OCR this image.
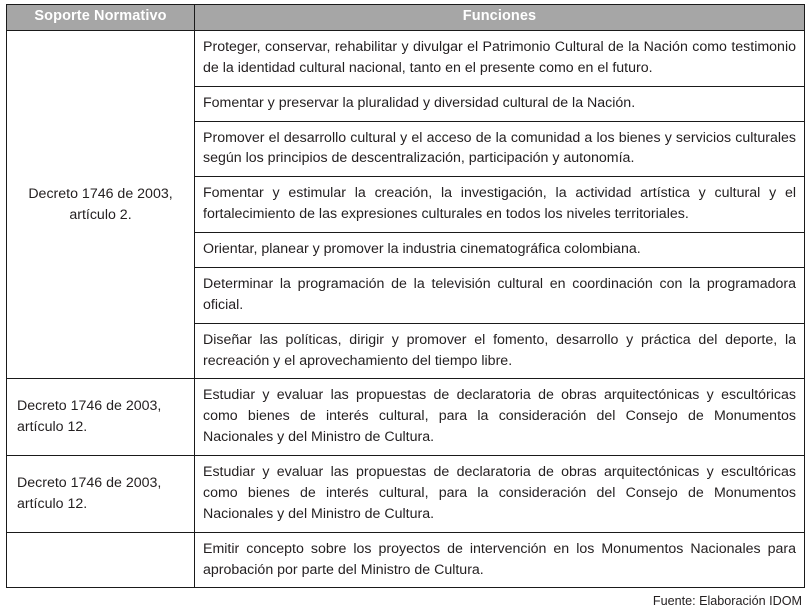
Soporte Normativo	Funciones
Decreto 1746 de 2003, artículo 2.	Proteger, conservar, rehabilitar y divulgar el Patrimonio Cultural de la Nación como testimonio de la identidad cultural nacional, tanto en el presente como en el futuro.
	Fomentar y preservar la pluralidad y diversidad cultural de la Nación.
	Promover el desarrollo cultural y el acceso de la comunidad a los bienes y servicios culturales según los principios de descentralización, participación y autonomía.
	Fomentar y estimular la creación, la investigación, la actividad artística y cultural y el fortalecimiento de las expresiones culturales en todos los niveles territoriales.
	Orientar, planear y promover la industria cinematográfica colombiana.
	Determinar la programación de la televisión cultural en coordinación con la programadora oficial.
	Diseñar las políticas, dirigir y promover el fomento, desarrollo y práctica del deporte, la recreación y el aprovechamiento del tiempo libre.
Decreto 1746 de 2003, artículo 12.	Estudiar y evaluar las propuestas de declaratoria de obras arquitectónicas y escultóricas como bienes de interés cultural, para la consideración del Consejo de Monumentos Nacionales y del Ministro de Cultura.
Decreto 1746 de 2003, artículo 12.	Estudiar y evaluar las propuestas de declaratoria de obras arquitectónicas y escultóricas como bienes de interés cultural, para la consideración del Consejo de Monumentos Nacionales y del Ministro de Cultura.
	Emitir concepto sobre los proyectos de intervención en los Monumentos Nacionales para aprobación por parte del Ministro de Cultura.
Fuente: Elaboración IDOM
